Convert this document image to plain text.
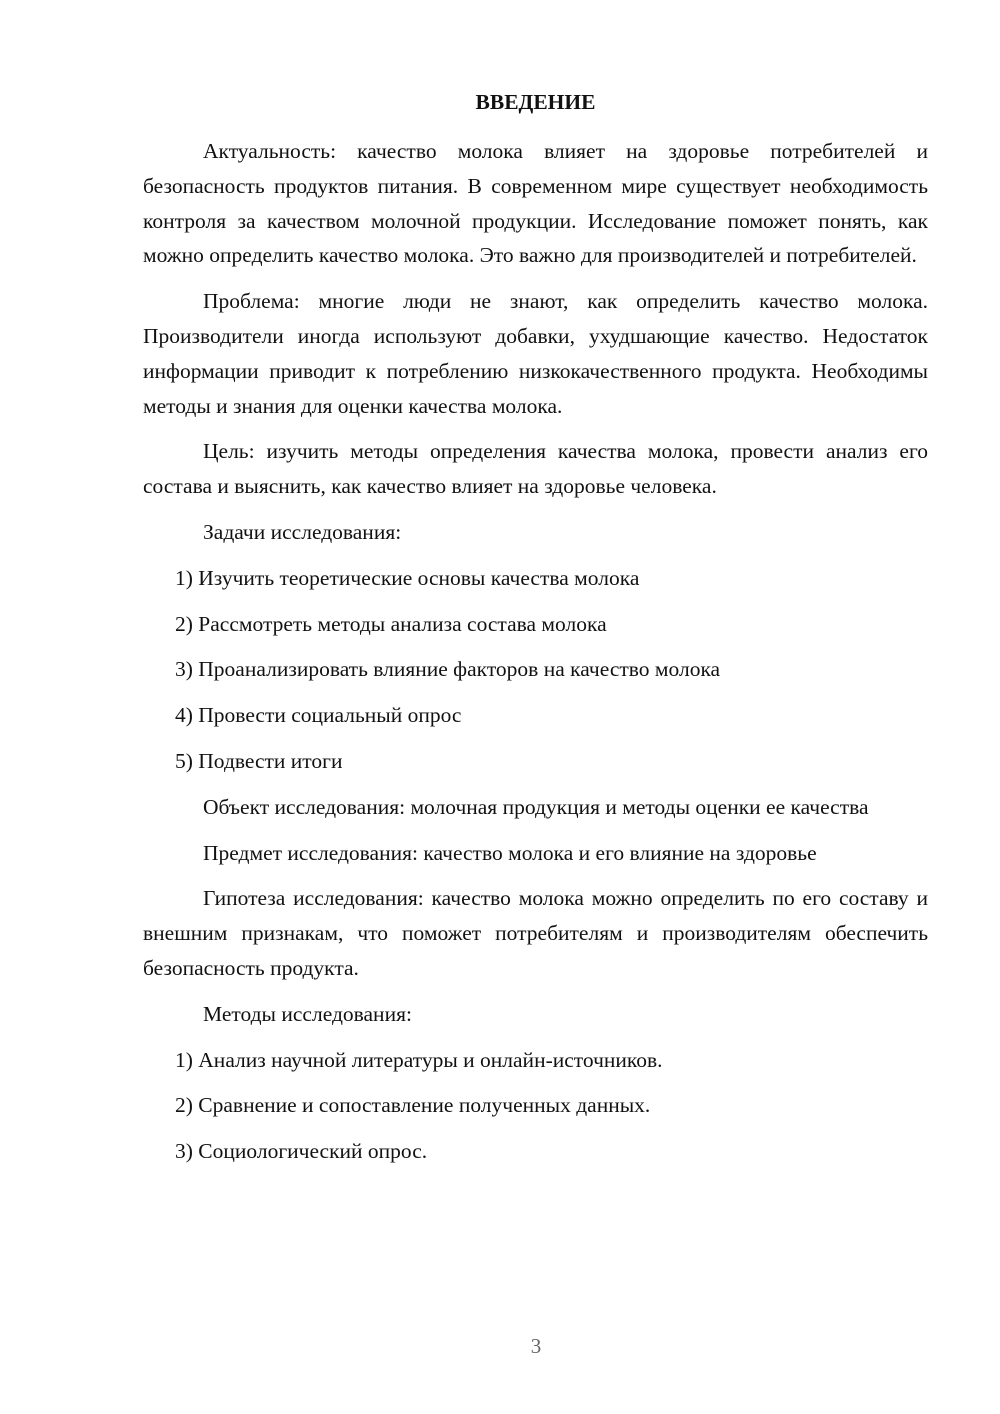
ВВЕДЕНИЕ

Актуальность: качество молока влияет на здоровье потребителей и безопасность продуктов питания. В современном мире существует необходимость контроля за качеством молочной продукции. Исследование поможет понять, как можно определить качество молока. Это важно для производителей и потребителей.

Проблема: многие люди не знают, как определить качество молока. Производители иногда используют добавки, ухудшающие качество. Недостаток информации приводит к потреблению низкокачественного продукта. Необходимы методы и знания для оценки качества молока.

Цель: изучить методы определения качества молока, провести анализ его состава и выяснить, как качество влияет на здоровье человека.

Задачи исследования:
1) Изучить теоретические основы качества молока
2) Рассмотреть методы анализа состава молока
3) Проанализировать влияние факторов на качество молока
4) Провести социальный опрос
5) Подвести итоги

Объект исследования: молочная продукция и методы оценки ее качества

Предмет исследования: качество молока и его влияние на здоровье

Гипотеза исследования: качество молока можно определить по его составу и внешним признакам, что поможет потребителям и производителям обеспечить безопасность продукта.

Методы исследования:
1) Анализ научной литературы и онлайн-источников.
2) Сравнение и сопоставление полученных данных.
3) Социологический опрос.
3
